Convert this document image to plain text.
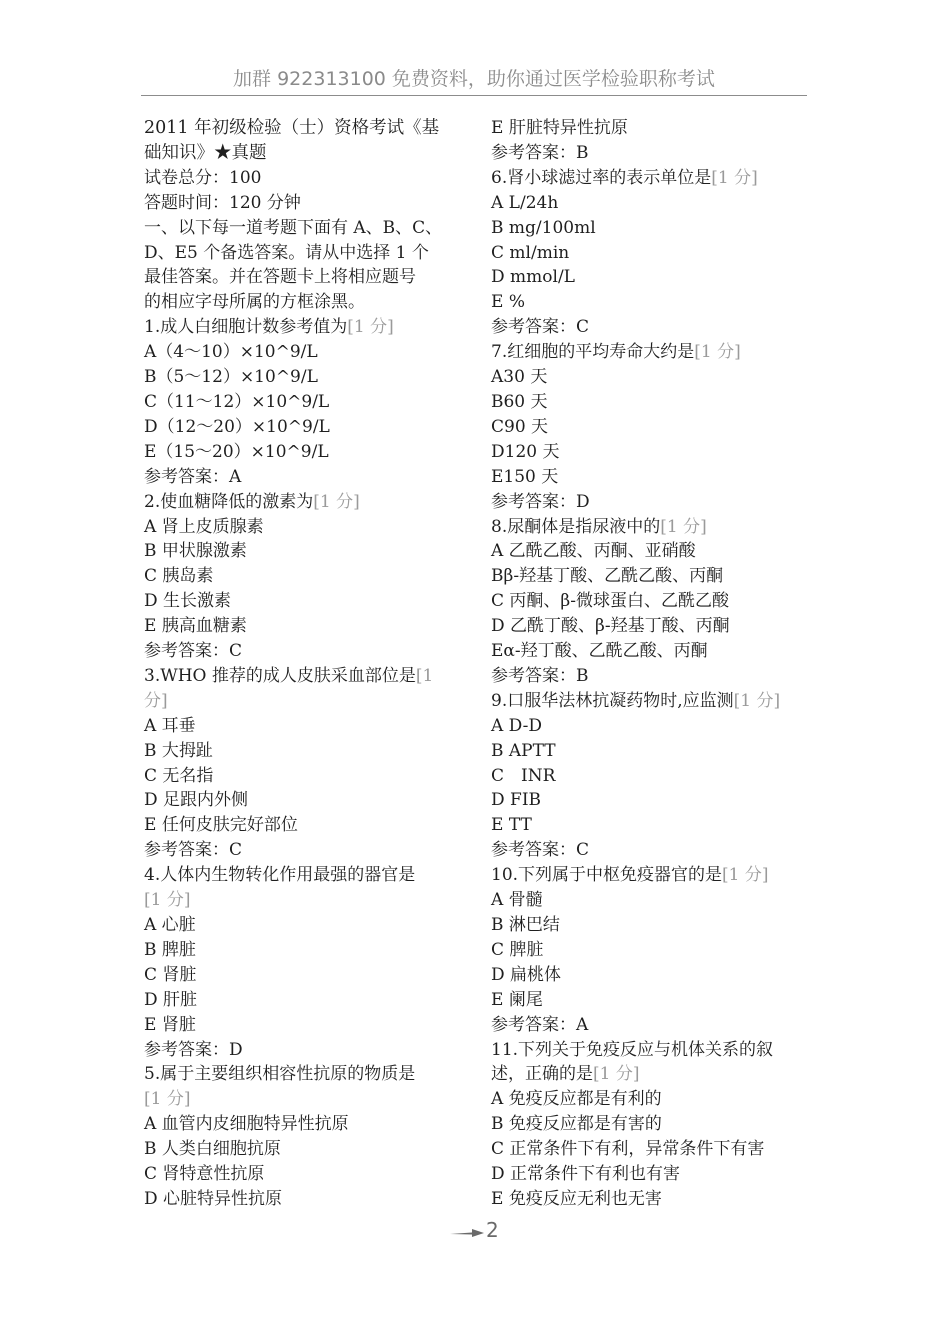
加群 922313100 免费资料，助你通过医学检验职称考试
2011 年初级检验（士）资格考试《基
础知识》★真题
试卷总分：100
答题时间：120 分钟
一、以下每一道考题下面有 A、B、C、
D、E5 个备选答案。请从中选择 1 个
最佳答案。并在答题卡上将相应题号
的相应字母所属的方框涂黑。
1.成人白细胞计数参考值为[1 分]
A（4～10）×10^9/L
B（5～12）×10^9/L
C（11～12）×10^9/L
D（12～20）×10^9/L
E（15～20）×10^9/L
参考答案：A
2.使血糖降低的激素为[1 分]
A 肾上皮质腺素
B 甲状腺激素
C 胰岛素
D 生长激素
E 胰高血糖素
参考答案：C
3.WHO 推荐的成人皮肤采血部位是[1
分]
A 耳垂
B 大拇趾
C 无名指
D 足跟内外侧
E 任何皮肤完好部位
参考答案：C
4.人体内生物转化作用最强的器官是
[1 分]
A 心脏
B 脾脏
C 肾脏
D 肝脏
E 肾脏
参考答案：D
5.属于主要组织相容性抗原的物质是
[1 分]
A 血管内皮细胞特异性抗原
B 人类白细胞抗原
C 肾特意性抗原
D 心脏特异性抗原
E 肝脏特异性抗原
参考答案：B
6.肾小球滤过率的表示单位是[1 分]
A L/24h
B mg/100ml
C ml/min
D mmol/L
E %
参考答案：C
7.红细胞的平均寿命大约是[1 分]
A30 天
B60 天
C90 天
D120 天
E150 天
参考答案：D
8.尿酮体是指尿液中的[1 分]
A 乙酰乙酸、丙酮、亚硝酸
Bβ-羟基丁酸、乙酰乙酸、丙酮
C 丙酮、β-微球蛋白、乙酰乙酸
D 乙酰丁酸、β-羟基丁酸、丙酮
Eα-羟丁酸、乙酰乙酸、丙酮
参考答案：B
9.口服华法林抗凝药物时,应监测[1 分]
A D-D
B APTT
C　INR
D FIB
E TT
参考答案：C
10.下列属于中枢免疫器官的是[1 分]
A 骨髓
B 淋巴结
C 脾脏
D 扁桃体
E 阑尾
参考答案：A
11.下列关于免疫反应与机体关系的叙
述，正确的是[1 分]
A 免疫反应都是有利的
B 免疫反应都是有害的
C 正常条件下有利，异常条件下有害
D 正常条件下有利也有害
E 免疫反应无利也无害
2
